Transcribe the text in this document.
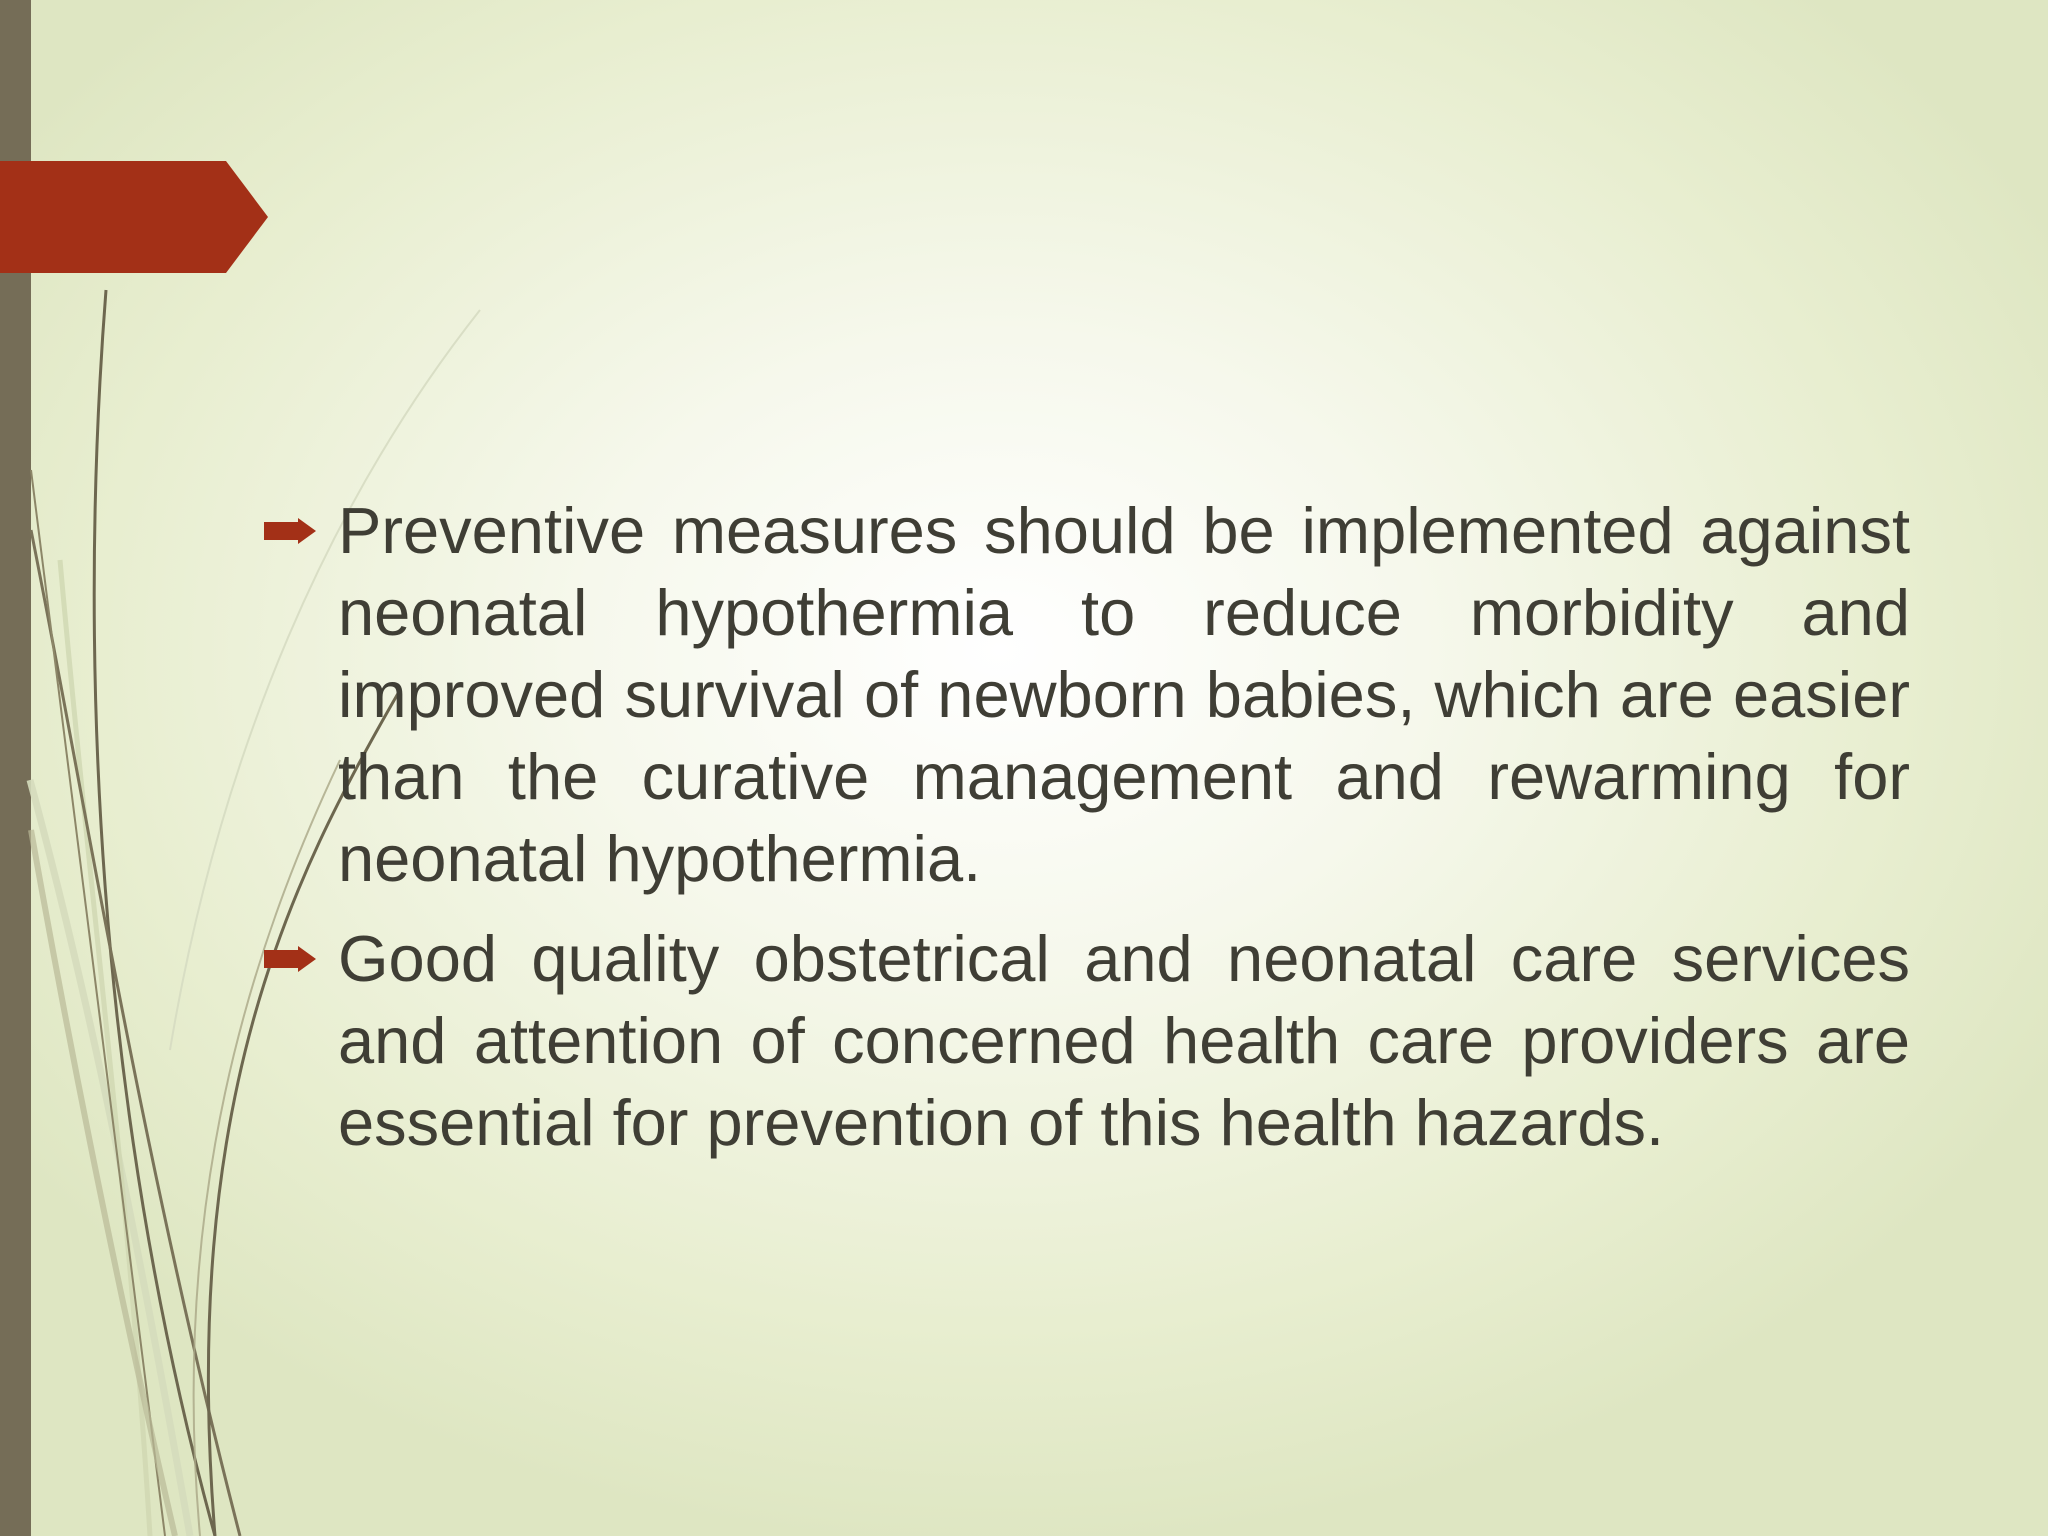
Preventive measures should be implemented against neonatal hypothermia to reduce morbidity and improved survival of newborn babies, which are easier than the curative management and rewarming for neonatal hypothermia.

Good quality obstetrical and neonatal care services and attention of concerned health care providers are essential for prevention of this health hazards.
